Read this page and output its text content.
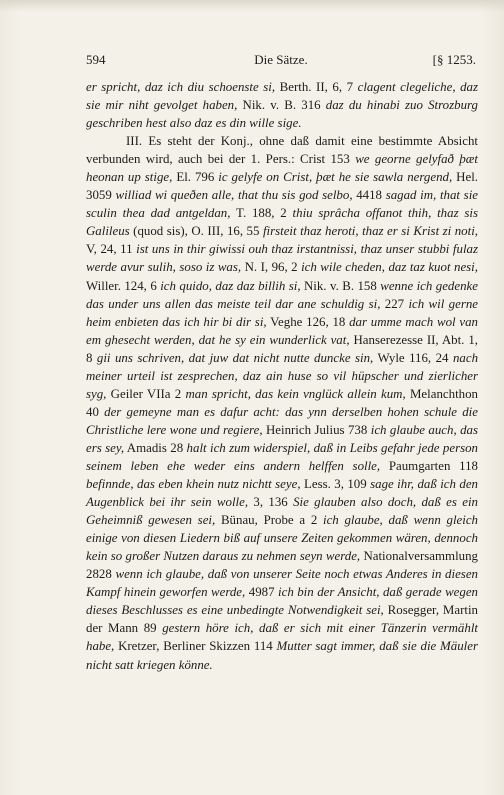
594	Die Sätze.	[§ 1253.

er spricht, daz ich diu schoenste si, Berth. II, 6, 7 clagent clegeliche, daz sie mir niht gevolget haben, Nik. v. B. 316 daz du hinabi zuo Strozburg geschriben hest also daz es din wille sige.

III. Es steht der Konj., ohne daß damit eine bestimmte Absicht verbunden wird, auch bei der 1. Pers.: Crist 153 we georne gelyfað þæt heonan up stige, El. 796 ic gelyfe on Crist, þæt he sie sawla nergend, Hel. 3059 williad wi queðen alle, that thu sis god selbo, 4418 sagad im, that sie sculin thea dad antgeldan, T. 188, 2 thiu sprâcha offanot thih, thaz sis Galileus (quod sis), O. III, 16, 55 firsteit thaz heroti, thaz er si Krist zi noti, V, 24, 11 ist uns in thir giwissi ouh thaz irstantnissi, thaz unser stubbi fulaz werde avur sulih, soso iz was, N. I, 96, 2 ich wile cheden, daz taz kuot nesi, Willer. 124, 6 ich quido, daz daz billih si, Nik. v. B. 158 wenne ich gedenke das under uns allen das meiste teil dar ane schuldig si, 227 ich wil gerne heim enbieten das ich hir bi dir si, Veghe 126, 18 dar umme mach wol van em ghesecht werden, dat he sy ein wunderlick vat, Hanserezesse II, Abt. 1, 8 gii uns schriven, dat juw dat nicht nutte duncke sin, Wyle 116, 24 nach meiner urteil ist zesprechen, daz ain huse so vil hüpscher und zierlicher syg, Geiler VIIa 2 man spricht, das kein vnglück allein kum, Melanchthon 40 der gemeyne man es dafur acht: das ynn derselben hohen schule die Christliche lere wone und regiere, Heinrich Julius 738 ich glaube auch, das ers sey, Amadis 28 halt ich zum widerspiel, daß in Leibs gefahr jede person seinem leben ehe weder eins andern helffen solle, Paumgarten 118 befinnde, das eben khein nutz nichtt seye, Less. 3, 109 sage ihr, daß ich den Augenblick bei ihr sein wolle, 3, 136 Sie glauben also doch, daß es ein Geheimniß gewesen sei, Bünau, Probe a 2 ich glaube, daß wenn gleich einige von diesen Liedern biß auf unsere Zeiten gekommen wären, dennoch kein so großer Nutzen daraus zu nehmen seyn werde, Nationalversammlung 2828 wenn ich glaube, daß von unserer Seite noch etwas Anderes in diesen Kampf hinein geworfen werde, 4987 ich bin der Ansicht, daß gerade wegen dieses Beschlusses es eine unbedingte Notwendigkeit sei, Rosegger, Martin der Mann 89 gestern höre ich, daß er sich mit einer Tänzerin vermählt habe, Kretzer, Berliner Skizzen 114 Mutter sagt immer, daß sie die Mäuler nicht satt kriegen könne.
